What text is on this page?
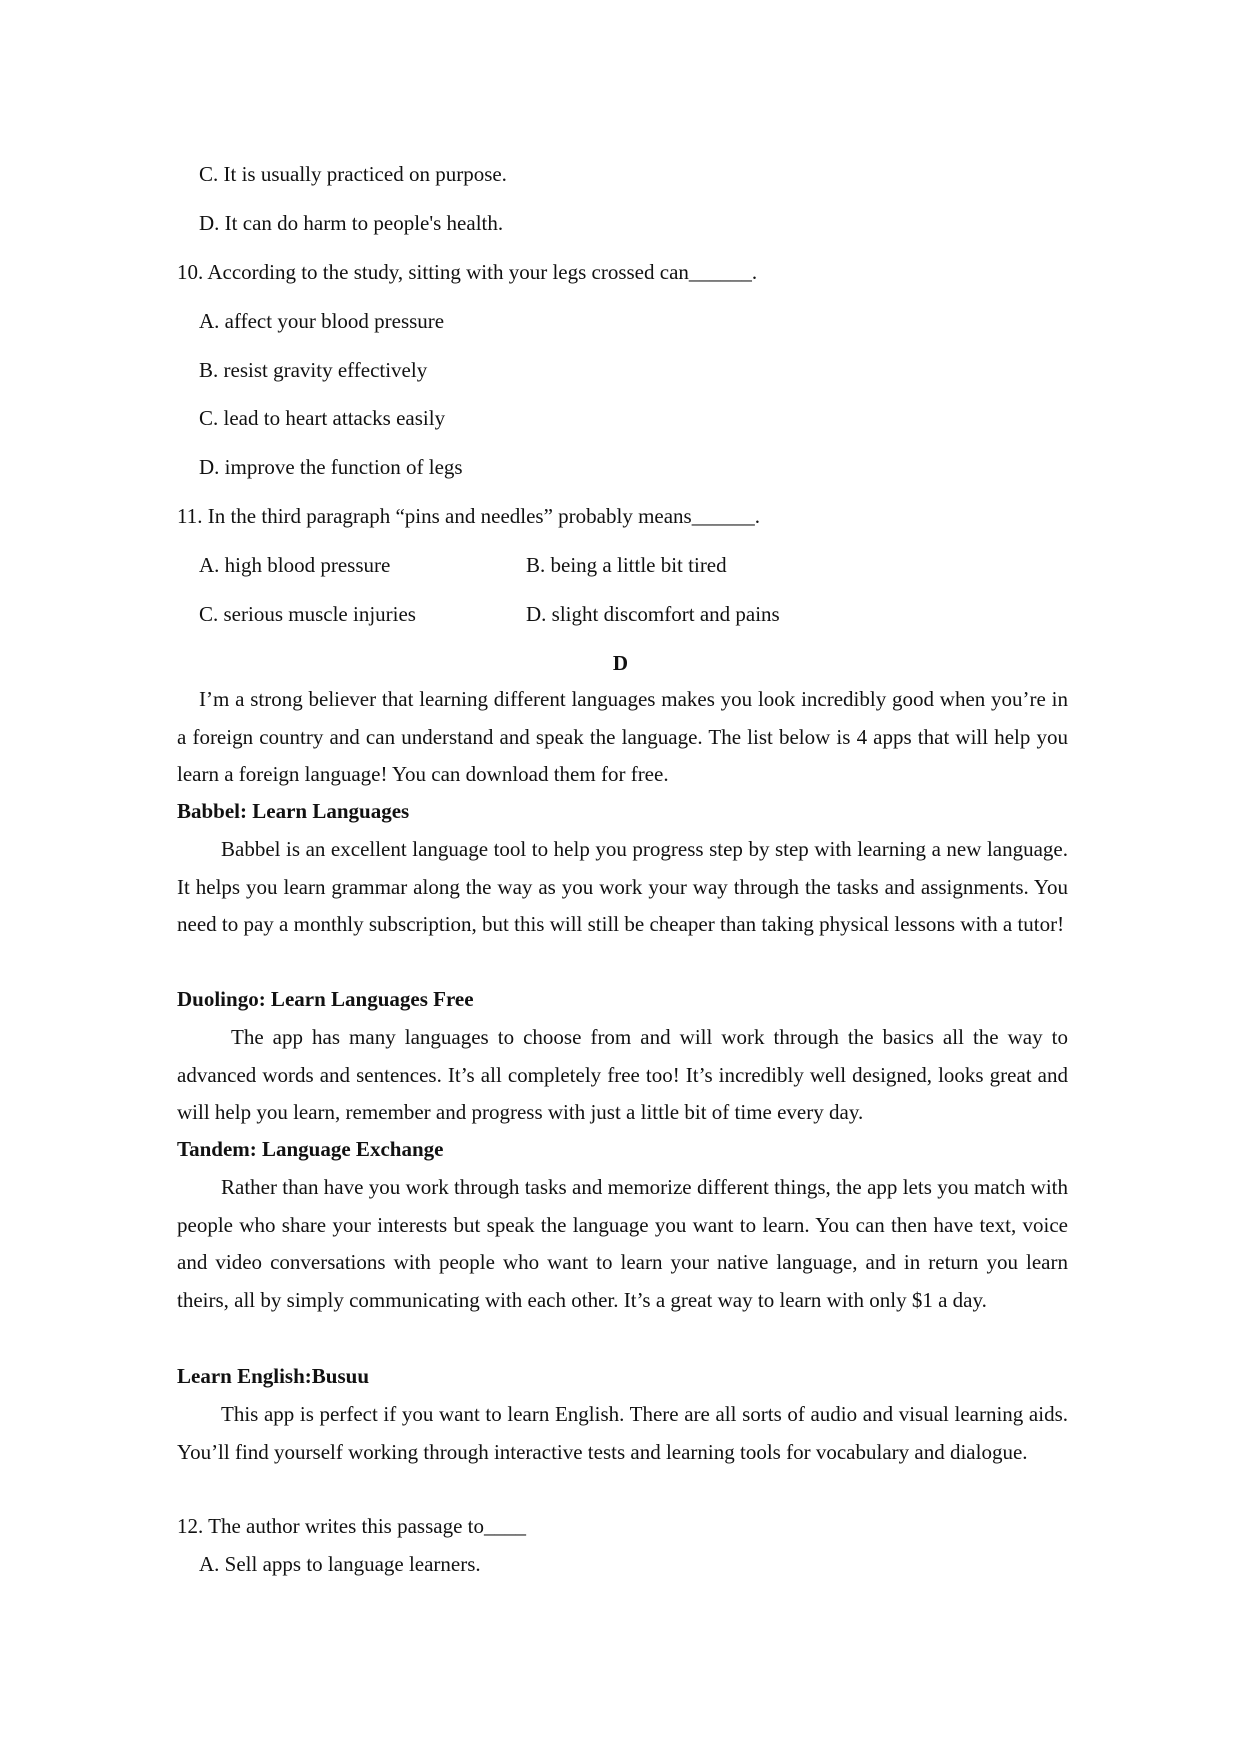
C. It is usually practiced on purpose.

D. It can do harm to people's health.

10. According to the study, sitting with your legs crossed can______.

A. affect your blood pressure

B. resist gravity effectively

C. lead to heart attacks easily

D. improve the function of legs

11. In the third paragraph “pins and needles” probably means______.

A. high blood pressure	B. being a little bit tired

C. serious muscle injuries	D. slight discomfort and pains

D

I’m a strong believer that learning different languages makes you look incredibly good when you’re in a foreign country and can understand and speak the language. The list below is 4 apps that will help you learn a foreign language! You can download them for free.

Babbel: Learn Languages

Babbel is an excellent language tool to help you progress step by step with learning a new language. It helps you learn grammar along the way as you work your way through the tasks and assignments. You need to pay a monthly subscription, but this will still be cheaper than taking physical lessons with a tutor!

Duolingo: Learn Languages Free

The app has many languages to choose from and will work through the basics all the way to advanced words and sentences. It’s all completely free too! It’s incredibly well designed, looks great and will help you learn, remember and progress with just a little bit of time every day.

Tandem: Language Exchange

Rather than have you work through tasks and memorize different things, the app lets you match with people who share your interests but speak the language you want to learn. You can then have text, voice and video conversations with people who want to learn your native language, and in return you learn theirs, all by simply communicating with each other. It’s a great way to learn with only $1 a day.

Learn English:Busuu

This app is perfect if you want to learn English. There are all sorts of audio and visual learning aids. You’ll find yourself working through interactive tests and learning tools for vocabulary and dialogue.

12. The author writes this passage to____

A. Sell apps to language learners.
